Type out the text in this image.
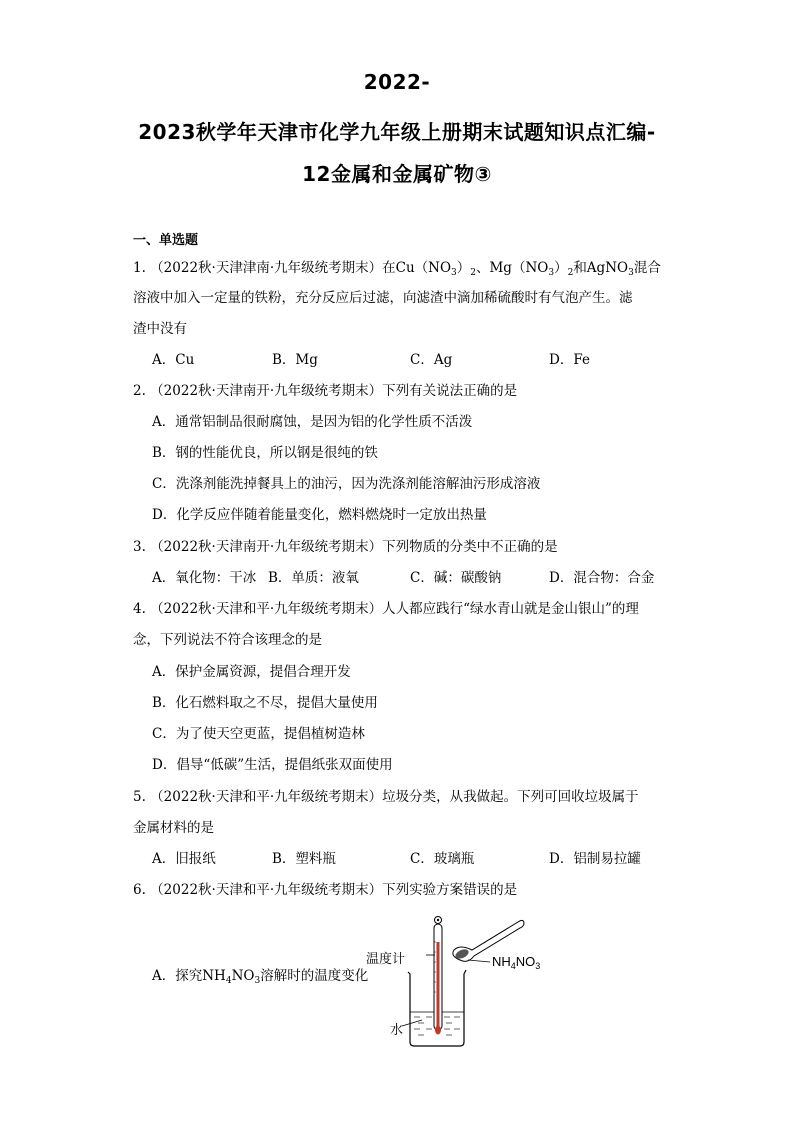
2022-
2023秋学年天津市化学九年级上册期末试题知识点汇编-
12金属和金属矿物③
一、单选题
1. （2022秋·天津津南·九年级统考期末）在$Cu(NO_3)_2$、$Mg(NO_3)_2$和AgNO$_3$混合
溶液中加入一定量的铁粉，充分反应后过滤，向滤渣中滴加稀硫酸时有气泡产生。滤
渣中没有
A．Cu	B．Mg	C．Ag	D．Fe
2. （2022秋·天津南开·九年级统考期末）下列有关说法正确的是
A．通常铝制品很耐腐蚀，是因为铝的化学性质不活泼
B．钢的性能优良，所以钢是很纯的铁
C．洗涤剂能洗掉餐具上的油污，因为洗涤剂能溶解油污形成溶液
D．化学反应伴随着能量变化，燃料燃烧时一定放出热量
3. （2022秋·天津南开·九年级统考期末）下列物质的分类中不正确的是
A．氧化物：干冰 B．单质：液氧	C．碱：碳酸钠	D．混合物：合金
4. （2022秋·天津和平·九年级统考期末）人人都应践行“绿水青山就是金山银山”的理
念，下列说法不符合该理念的是
A．保护金属资源，提倡合理开发
B．化石燃料取之不尽，提倡大量使用
C．为了使天空更蓝，提倡植树造林
D．倡导“低碳”生活，提倡纸张双面使用
5. （2022秋·天津和平·九年级统考期末）垃圾分类，从我做起。下列可回收垃圾属于
金属材料的是
A．旧报纸	B．塑料瓶	C．玻璃瓶	D．铝制易拉罐
6. （2022秋·天津和平·九年级统考期末）下列实验方案错误的是
A．探究$NH_4NO_3$溶解时的温度变化
温度计	$NH_4NO_3$
水
